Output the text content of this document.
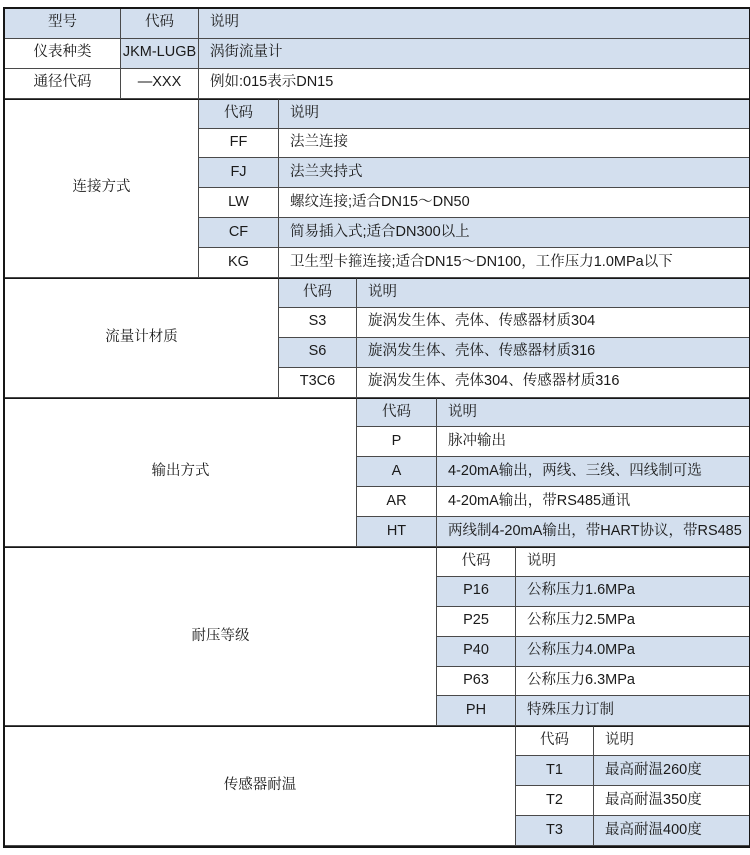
型号	代码	说明
仪表种类	JKM-LUGB 涡街流量计
通径代码	—XXX	例如:015表示DN15
连接方式
代码	说明
FF	法兰连接
FJ	法兰夹持式
LW	螺纹连接;适合DN15～DN50
CF	简易插入式;适合DN300以上
KG	卫生型卡箍连接;适合DN15～DN100，工作压力1.0MPa以下
流量计材质
代码	说明
S3	旋涡发生体、壳体、传感器材质304
S6	旋涡发生体、壳体、传感器材质316
T3C6	旋涡发生体、壳体304、传感器材质316
输出方式
代码	说明
P	脉冲输出
A	4-20mA输出，两线、三线、四线制可选
AR	4-20mA输出，带RS485通讯
HT	两线制4-20mA输出，带HART协议，带RS485
耐压等级
代码	说明
P16	公称压力1.6MPa
P25	公称压力2.5MPa
P40	公称压力4.0MPa
P63	公称压力6.3MPa
PH	特殊压力订制
传感器耐温
代码	说明
T1	最高耐温260度
T2	最高耐温350度
T3	最高耐温400度
